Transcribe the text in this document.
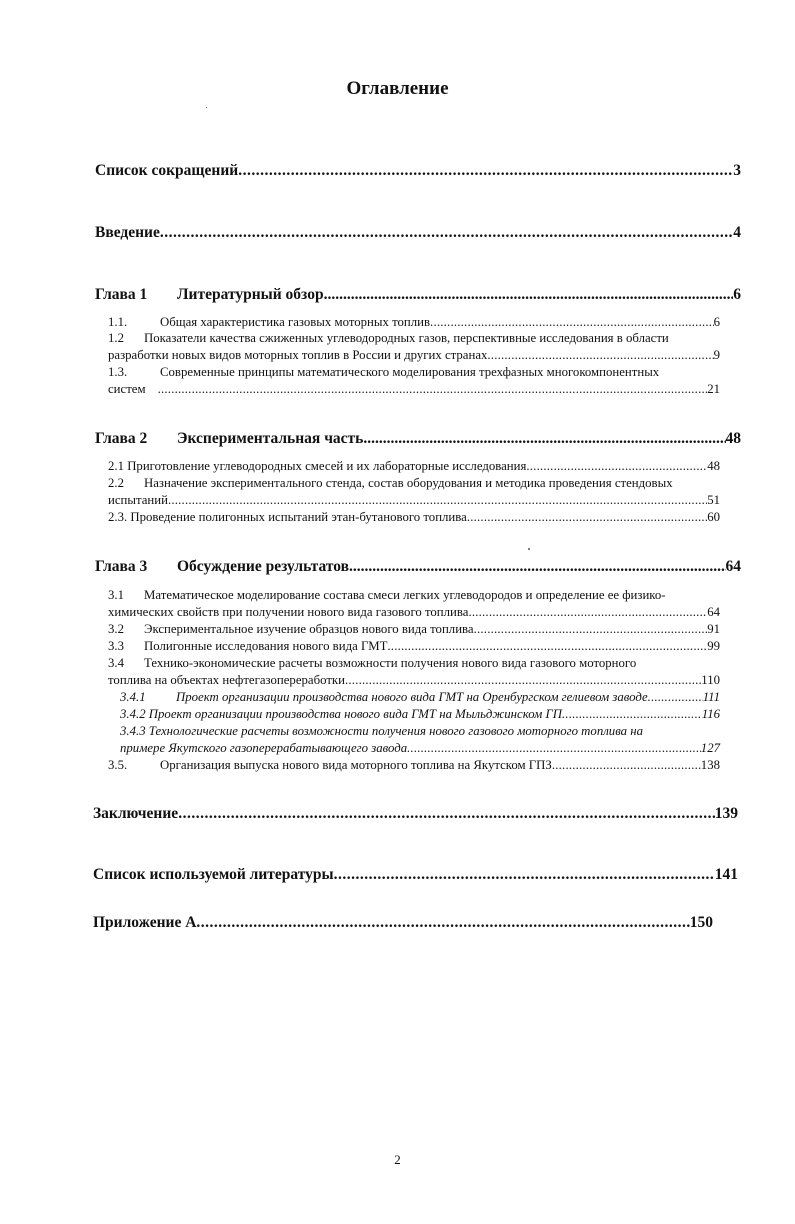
Оглавление
Список сокращений .....	3
Введение .....	4
Глава 1 Литературный обзор .....	6
1.1.	Общая характеристика газовых моторных топлив .....	6
1.2 Показатели качества сжиженных углеводородных газов, перспективные исследования в области
разработки новых видов моторных топлив в России и других странах .....	9
1.3.	Современные принципы математического моделирования трехфазных многокомпонентных
систем .....	21
Глава 2 Экспериментальная часть .....	48
2.1 Приготовление углеводородных смесей и их лабораторные исследования .....	48
2.2 Назначение экспериментального стенда, состав оборудования и методика проведения стендовых
испытаний .....	51
2.3. Проведение полигонных испытаний этан-бутанового топлива .....	60
Глава 3 Обсуждение результатов .....	64
3.1 Математическое моделирование состава смеси легких углеводородов и определение ее физико-
химических свойств при получении нового вида газового топлива .....	64
3.2 Экспериментальное изучение образцов нового вида топлива .....	91
3.3 Полигонные исследования нового вида ГМТ .....	99
3.4 Технико-экономические расчеты возможности получения нового вида газового моторного
топлива на объектах нефтегазопереработки .....	110
3.4.1 Проект организации производства нового вида ГМТ на Оренбургском гелиевом заводе .....	111
3.4.2 Проект организации производства нового вида ГМТ на Мыльджинском ГП .....	116
3.4.3 Технологические расчеты возможности получения нового газового моторного топлива на
примере Якутского газоперерабатывающего завода .....	127
3.5.	Организация выпуска нового вида моторного топлива на Якутском ГПЗ .....	138
Заключение .....	139
Список используемой литературы .....	141
Приложение А .....	150
2
